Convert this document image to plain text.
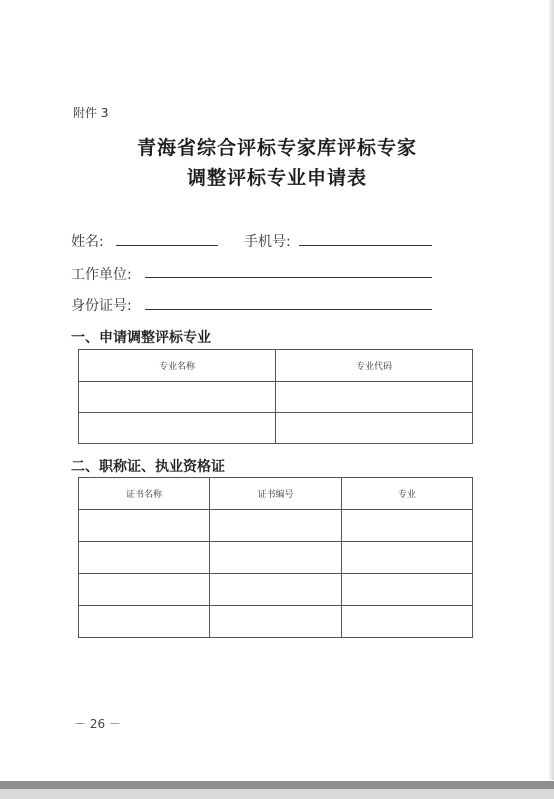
附件 3
青海省综合评标专家库评标专家
调整评标专业申请表
姓名:	手机号:
工作单位:
身份证号:
一、申请调整评标专业
专业名称	专业代码

二、职称证、执业资格证
证书名称	证书编号	专业

－ 26 －
